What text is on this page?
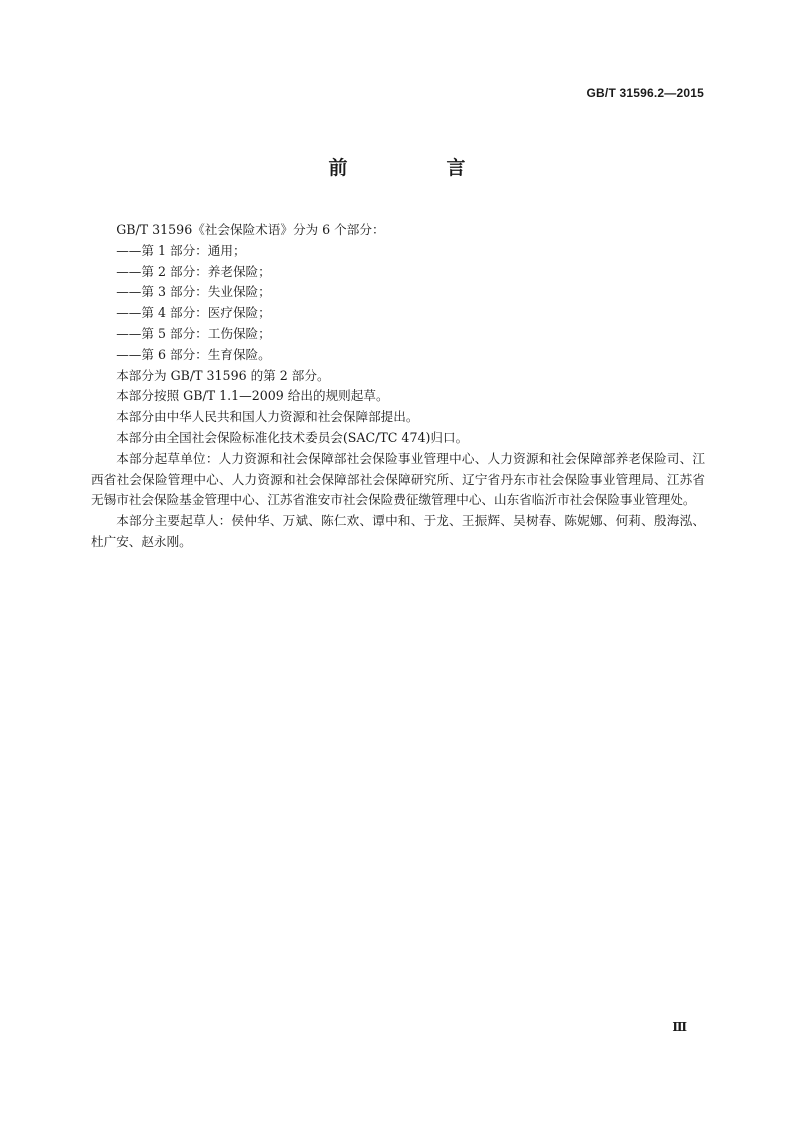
GB/T 31596.2—2015
前　言

GB/T 31596《社会保险术语》分为 6 个部分：

——第 1 部分：通用；

——第 2 部分：养老保险；

——第 3 部分：失业保险；

——第 4 部分：医疗保险；

——第 5 部分：工伤保险；

——第 6 部分：生育保险。

本部分为 GB/T 31596 的第 2 部分。

本部分按照 GB/T 1.1—2009 给出的规则起草。

本部分由中华人民共和国人力资源和社会保障部提出。

本部分由全国社会保险标准化技术委员会(SAC/TC 474)归口。

本部分起草单位：人力资源和社会保障部社会保险事业管理中心、人力资源和社会保障部养老保险司、江西省社会保险管理中心、人力资源和社会保障部社会保障研究所、辽宁省丹东市社会保险事业管理局、江苏省无锡市社会保险基金管理中心、江苏省淮安市社会保险费征缴管理中心、山东省临沂市社会保险事业管理处。

本部分主要起草人：侯仲华、万斌、陈仁欢、谭中和、于龙、王振辉、吴树春、陈妮娜、何莉、殷海泓、杜广安、赵永刚。

Ⅲ
